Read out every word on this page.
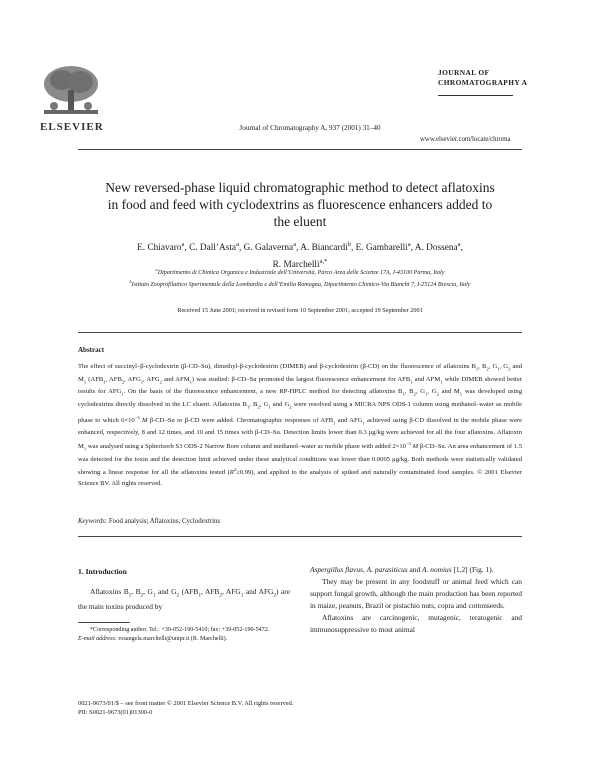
ELSEVIER	Journal of Chromatography A, 937 (2001) 31–40
JOURNAL OF
CHROMATOGRAPHY A
www.elsevier.com/locate/chroma
New reversed-phase liquid chromatographic method to detect aflatoxins in food and feed with cyclodextrins as fluorescence enhancers added to the eluent
E. Chiavaro$^a$, C. Dall’Asta$^a$, G. Galaverna$^a$, A. Biancardi$^b$, E. Gambarelli$^a$, A. Dossena$^a$,
R. Marchelli$^{a,*}$
$^a$Dipartimento di Chimica Organica e Industriale dell’Università, Parco Area delle Scienze 17A, I-43100 Parma, Italy
$^b$Istituto Zooprofilattico Sperimentale della Lombardia e dell’Emilia Romagna, Dipartimento Chimico-Via Bianchi 7, I-25124 Brescia, Italy
Received 15 June 2001; received in revised form 10 September 2001; accepted 19 September 2001
Abstract
The effect of succinyl–β-cyclodextrin (β-CD–Su), dimethyl-β-cyclodextrin (DIMEB) and β-cyclodextrin (β-CD) on the fluorescence of aflatoxins $B_1$, $B_2$, $G_1$, $G_2$ and $M_1$ ($AFB_1$, $AFB_2$, $AFG_1$, $AFG_2$ and $AFM_1$) was studied: β-CD–Su promoted the largest fluorescence enhancement for $AFB_1$ and $AFM_1$ while DIMEB showed better results for $AFG_1$. On the basis of the fluorescence enhancement, a new RP-HPLC method for detecting aflatoxins $B_1$, $B_2$, $G_1$, $G_2$ and $M_1$ was developed using cyclodextrins directly dissolved in the LC eluent. Aflatoxins $B_1$, $B_2$, $G_1$ and $G_2$ were resolved using a MICRA NPS ODS-1 column using methanol–water as mobile phase to which $6\times 10^{-3}$ M β-CD–Su or β-CD were added. Chromatographic responses of $AFB_1$ and $AFG_1$ achieved using β-CD dissolved in the mobile phase were enhanced, respectively, 8 and 12 times, and 10 and 15 times with β-CD–Su. Detection limits lower than 0.3 μg/kg were achieved for all the four aflatoxins. Aflatoxin $M_1$ was analysed using a Spherisorb S3 ODS-2 Narrow Bore column and methanol–water as mobile phase with added $2\times 10^{-3}$ M β-CD–Su. An area enhancement of 1.5 was detected for the toxin and the detection limit achieved under these analytical conditions was lower than 0.0005 μg/kg. Both methods were statistically validated showing a linear response for all the aflatoxins tested $(R^2\ge 0.99)$, and applied to the analysis of spiked and naturally contaminated food samples. © 2001 Elsevier Science BV. All rights reserved.
Keywords: Food analysis; Aflatoxins; Cyclodextrins
1. Introduction

Aflatoxins $B_1$, $B_2$, $G_1$ and $G_2$ ($AFB_1$, $AFB_2$, $AFG_1$ and $AFG_2$) are the main toxins produced by

Aspergillus flavus, A. parasiticus and A. nomius [1,2] (Fig. 1).

They may be present in any foodstuff or animal feed which can support fungal growth, although the main production has been reported in maize, peanuts, Brazil or pistachio nuts, copra and cottonseeds.

Aflatoxins are carcinogenic, mutagenic, teratogenic and immunosuppressive to most animal

*Corresponding author. Tel.: +39-052-190-5410; fax: +39-052-190-5472.
E-mail address: rosangela.marchelli@unipr.it (R. Marchelli).
0021-9673/01/$ – see front matter © 2001 Elsevier Science B.V. All rights reserved.
PII: S0021-9673(01)01300-0
